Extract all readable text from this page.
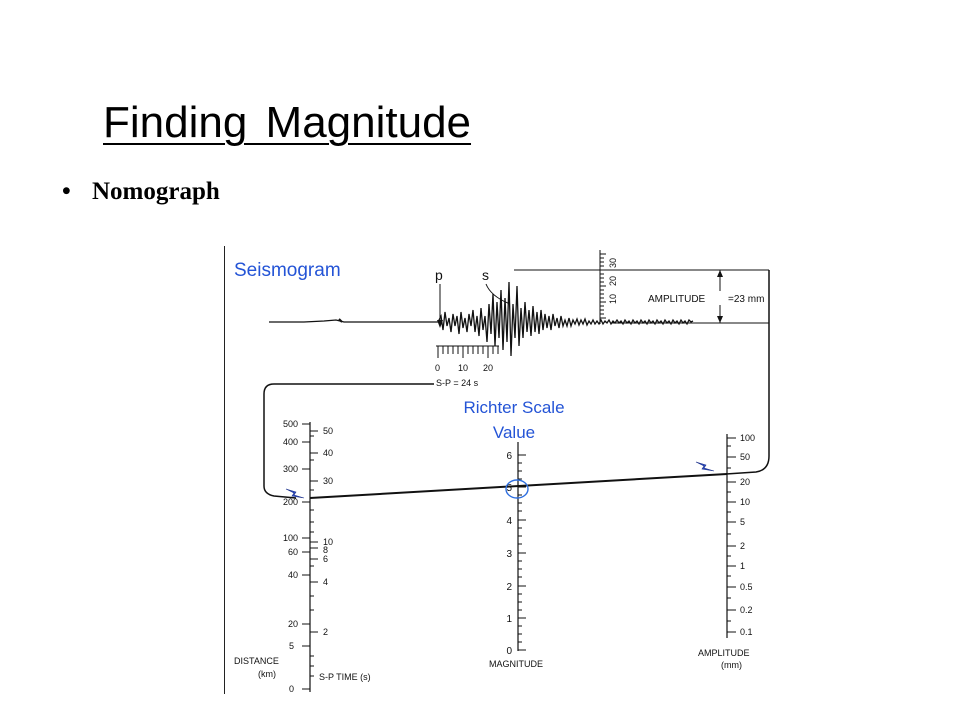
Finding Magnitude
• Nomograph
Seismogram	p	s
10
20
30
AMPLITUDE =23 mm
0 10 20
S-P = 24 s
Richter Scale
Value
500
400
300
200
100
60
40
20
5
0
50
40
30
10
8
6
4
2
DISTANCE
(km)	S-P TIME (s)
6
5
4
3
2
1
0
MAGNITUDE
100
50
20
10
5
2
1
0.5
0.2
0.1
AMPLITUDE
(mm)
